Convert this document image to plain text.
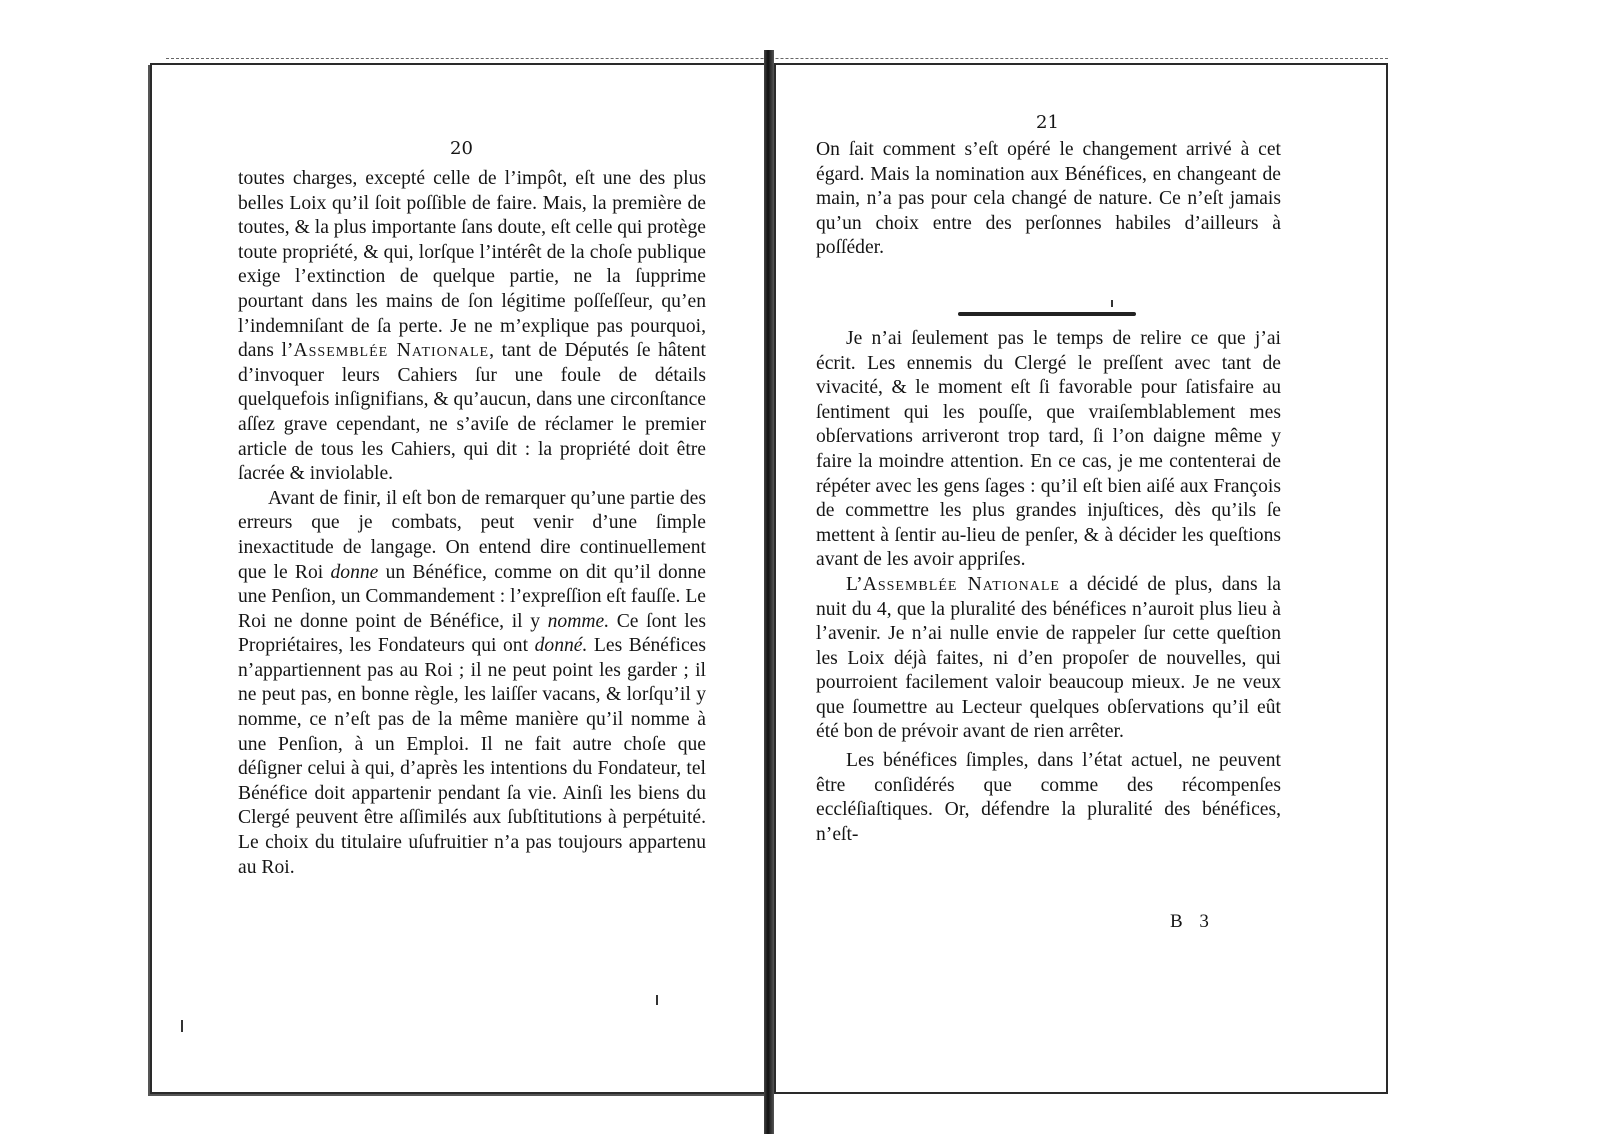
20
21

toutes charges, excepté celle de l’impôt, eſt une des plus belles Loix qu’il ſoit poſſible de faire. Mais, la première de toutes, & la plus importante ſans doute, eſt celle qui protège toute propriété, & qui, lorſque l’intérêt de la choſe publique exige l’extinction de quelque partie, ne la ſupprime pourtant dans les mains de ſon légitime poſſeſſeur, qu’en l’indemniſant de ſa perte. Je ne m’explique pas pourquoi, dans l’Assemblée Nationale, tant de Députés ſe hâtent d’invoquer leurs Cahiers ſur une foule de détails quelquefois inſignifians, & qu’aucun, dans une circonſtance aſſez grave cependant, ne s’aviſe de réclamer le premier article de tous les Cahiers, qui dit : la propriété doit être ſacrée & inviolable.

Avant de finir, il eſt bon de remarquer qu’une partie des erreurs que je combats, peut venir d’une ſimple inexactitude de langage. On entend dire continuellement que le Roi donne un Bénéfice, comme on dit qu’il donne une Penſion, un Commandement : l’expreſſion eſt fauſſe. Le Roi ne donne point de Bénéfice, il y nomme. Ce ſont les Propriétaires, les Fondateurs qui ont donné. Les Bénéfices n’appartiennent pas au Roi ; il ne peut point les garder ; il ne peut pas, en bonne règle, les laiſſer vacans, & lorſqu’il y nomme, ce n’eſt pas de la même manière qu’il nomme à une Penſion, à un Emploi. Il ne fait autre choſe que déſigner celui à qui, d’après les intentions du Fondateur, tel Bénéfice doit appartenir pendant ſa vie. Ainſi les biens du Clergé peuvent être aſſimilés aux ſubſtitutions à perpétuité. Le choix du titulaire uſufruitier n’a pas toujours appartenu au Roi.

On ſait comment s’eſt opéré le changement arrivé à cet égard. Mais la nomination aux Bénéfices, en changeant de main, n’a pas pour cela changé de nature. Ce n’eſt jamais qu’un choix entre des perſonnes habiles d’ailleurs à poſſéder.

Je n’ai ſeulement pas le temps de relire ce que j’ai écrit. Les ennemis du Clergé le preſſent avec tant de vivacité, & le moment eſt ſi favorable pour ſatisfaire au ſentiment qui les pouſſe, que vraiſemblablement mes obſervations arriveront trop tard, ſi l’on daigne même y faire la moindre attention. En ce cas, je me contenterai de répéter avec les gens ſages : qu’il eſt bien aiſé aux François de commettre les plus grandes injuſtices, dès qu’ils ſe mettent à ſentir au-lieu de penſer, & à décider les queſtions avant de les avoir appriſes.

L’Assemblée Nationale a décidé de plus, dans la nuit du 4, que la pluralité des bénéfices n’auroit plus lieu à l’avenir. Je n’ai nulle envie de rappeler ſur cette queſtion les Loix déjà faites, ni d’en propoſer de nouvelles, qui pourroient facilement valoir beaucoup mieux. Je ne veux que ſoumettre au Lecteur quelques obſervations qu’il eût été bon de prévoir avant de rien arrêter.

Les bénéfices ſimples, dans l’état actuel, ne peuvent être conſidérés que comme des récompenſes eccléſiaſtiques. Or, défendre la pluralité des bénéfices, n’eſt-

B 3
